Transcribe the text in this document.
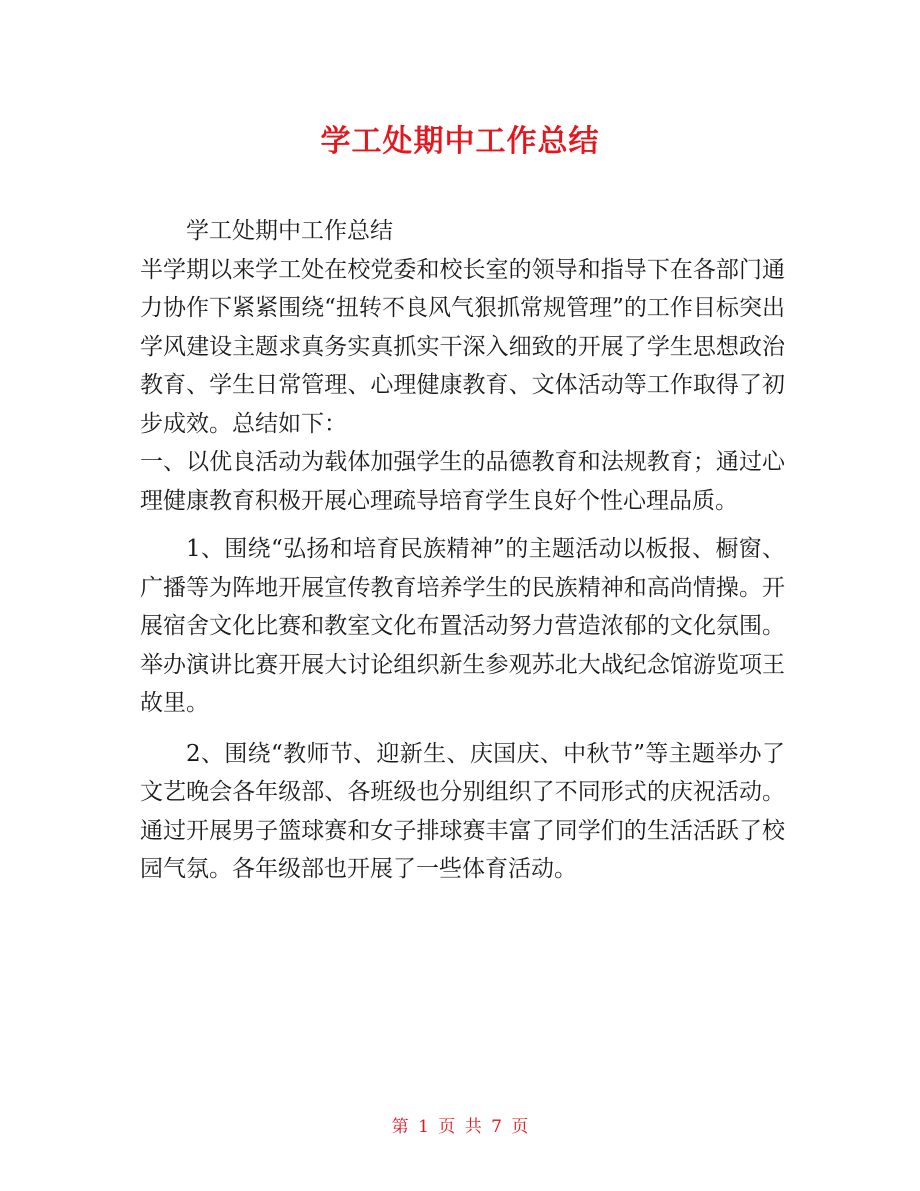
学工处期中工作总结

学工处期中工作总结

半学期以来学工处在校党委和校长室的领导和指导下在各部门通力协作下紧紧围绕“扭转不良风气狠抓常规管理”的工作目标突出学风建设主题求真务实真抓实干深入细致的开展了学生思想政治教育、学生日常管理、心理健康教育、文体活动等工作取得了初步成效。总结如下：

一、以优良活动为载体加强学生的品德教育和法规教育；通过心理健康教育积极开展心理疏导培育学生良好个性心理品质。

1、围绕“弘扬和培育民族精神”的主题活动以板报、橱窗、广播等为阵地开展宣传教育培养学生的民族精神和高尚情操。开展宿舍文化比赛和教室文化布置活动努力营造浓郁的文化氛围。举办演讲比赛开展大讨论组织新生参观苏北大战纪念馆游览项王故里。

2、围绕“教师节、迎新生、庆国庆、中秋节”等主题举办了文艺晚会各年级部、各班级也分别组织了不同形式的庆祝活动。通过开展男子篮球赛和女子排球赛丰富了同学们的生活活跃了校园气氛。各年级部也开展了一些体育活动。

第 1 页 共 7 页
